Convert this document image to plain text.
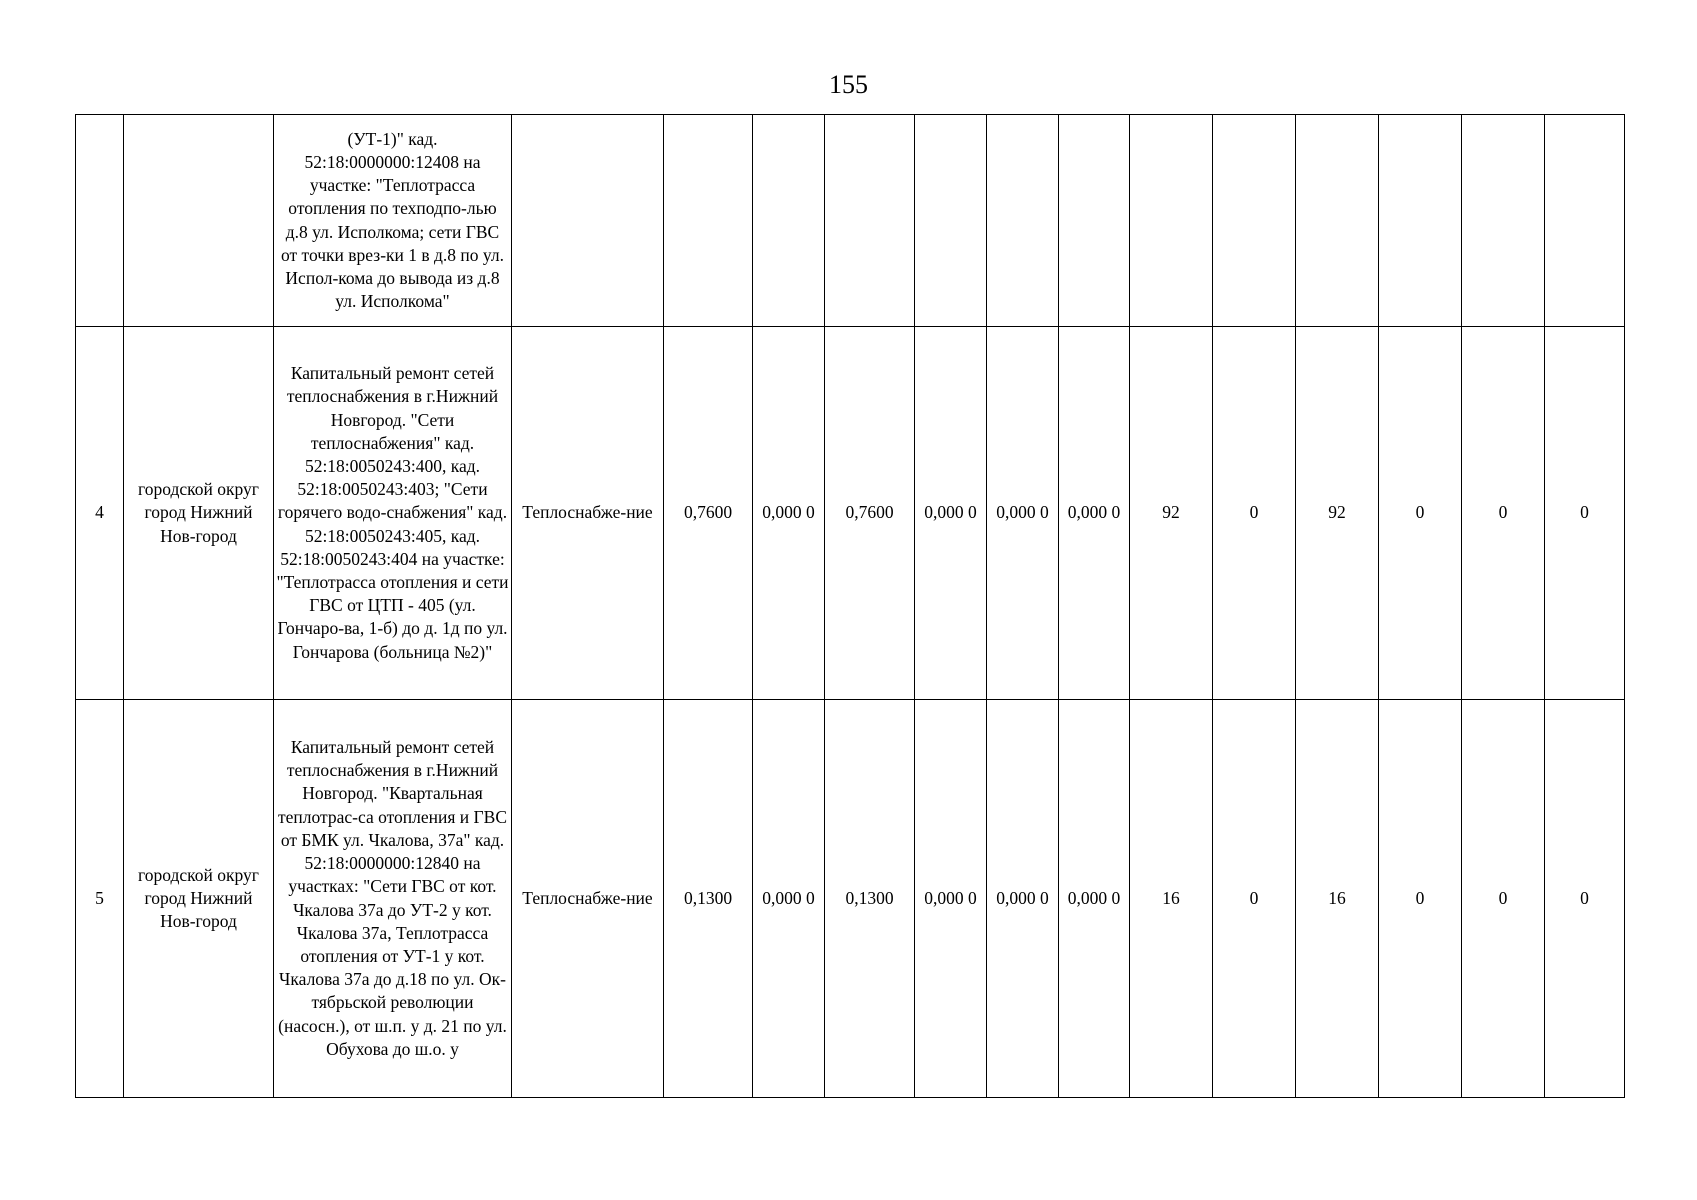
155
		(УТ-1)" кад. 52:18:0000000:12408 на участке: "Теплотрасса отопления по техподпо-лью д.8 ул. Исполкома; сети ГВС от точки врез-ки 1 в д.8 по ул. Испол-кома до вывода из д.8 ул. Исполкома"													
4	городской округ город Нижний Нов-город	Капитальный ремонт сетей теплоснабжения в г.Нижний Новгород. "Сети теплоснабжения" кад. 52:18:0050243:400, кад. 52:18:0050243:403; "Сети горячего водо-снабжения" кад. 52:18:0050243:405, кад. 52:18:0050243:404 на участке: "Теплотрасса отопления и сети ГВС от ЦТП - 405 (ул. Гончаро-ва, 1-б) до д. 1д по ул. Гончарова (больница №2)"	Теплоснабже-ние	0,7600	0,000 0	0,7600	0,000 0	0,000 0	0,000 0	92	0	92	0	0	0
5	городской округ город Нижний Нов-город	Капитальный ремонт сетей теплоснабжения в г.Нижний Новгород. "Квартальная теплотрас-са отопления и ГВС от БМК ул. Чкалова, 37а" кад. 52:18:0000000:12840 на участках: "Сети ГВС от кот. Чкалова 37а до УТ-2 у кот. Чкалова 37а, Теплотрасса отопления от УТ-1 у кот. Чкалова 37а до д.18 по ул. Ок-тябрьской революции (насосн.), от ш.п. у д. 21 по ул. Обухова до ш.о. у	Теплоснабже-ние	0,1300	0,000 0	0,1300	0,000 0	0,000 0	0,000 0	16	0	16	0	0	0
